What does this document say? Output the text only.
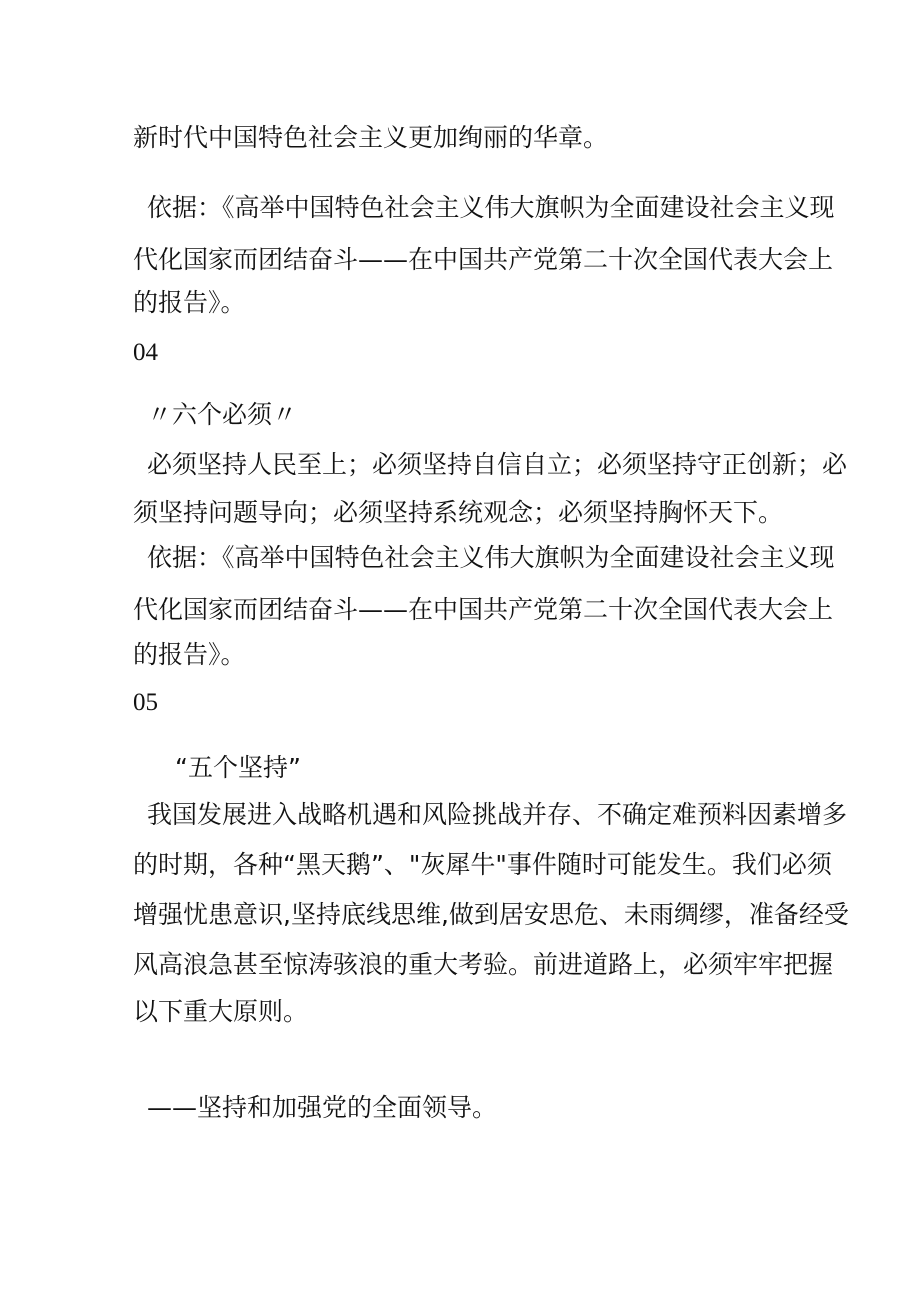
新时代中国特色社会主义更加绚丽的华章。
依据：《高举中国特色社会主义伟大旗帜为全面建设社会主义现
代化国家而团结奋斗——在中国共产党第二十次全国代表大会上
的报告》。
04
〃六个必须〃
必须坚持人民至上；必须坚持自信自立；必须坚持守正创新；必
须坚持问题导向；必须坚持系统观念；必须坚持胸怀天下。
依据：《高举中国特色社会主义伟大旗帜为全面建设社会主义现
代化国家而团结奋斗——在中国共产党第二十次全国代表大会上
的报告》。
05
“五个坚持”
我国发展进入战略机遇和风险挑战并存、不确定难预料因素增多
的时期，各种“黑天鹅”、"灰犀牛"事件随时可能发生。我们必须
增强忧患意识,坚持底线思维,做到居安思危、未雨绸缪，准备经受
风高浪急甚至惊涛骇浪的重大考验。前进道路上，必须牢牢把握
以下重大原则。
——坚持和加强党的全面领导。
